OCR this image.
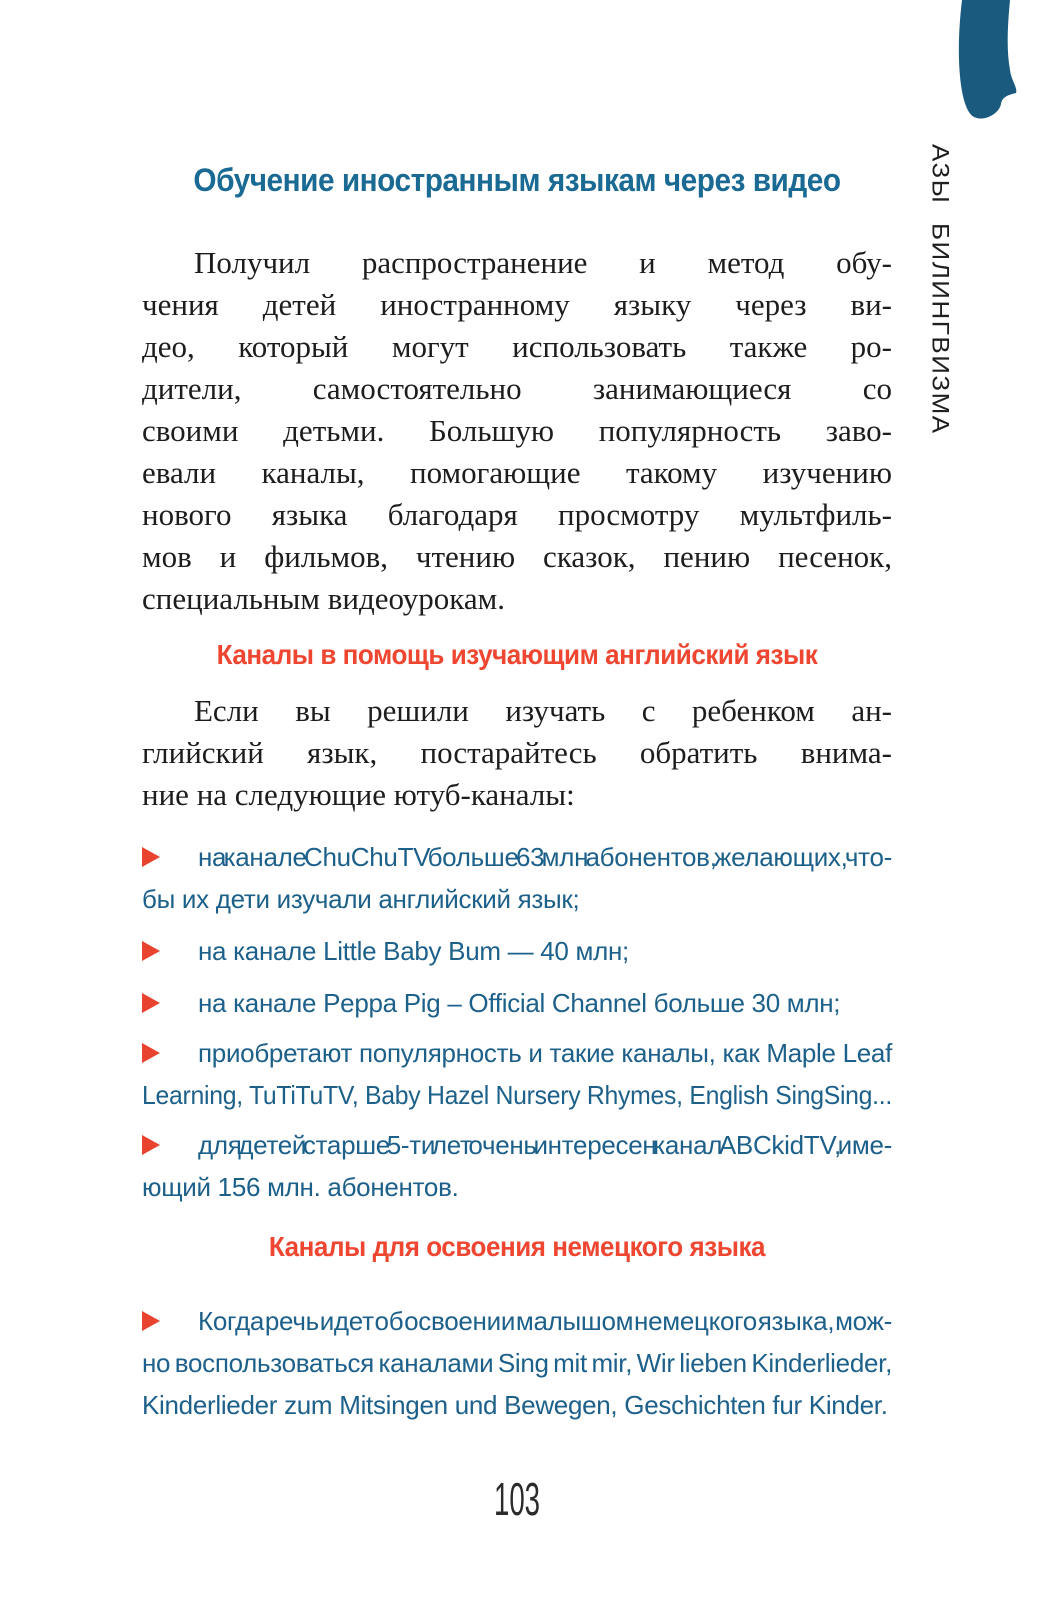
АЗЫ БИЛИНГВИЗМА
Обучение иностранным языкам через видео
Получил распространение и метод обу-
чения детей иностранному языку через ви-
део, который могут использовать также ро-
дители, самостоятельно занимающиеся со
своими детьми. Большую популярность заво-
евали каналы, помогающие такому изучению
нового языка благодаря просмотру мультфиль-
мов и фильмов, чтению сказок, пению песенок,
специальным видеоурокам.
Каналы в помощь изучающим английский язык
Если вы решили изучать с ребенком ан-
глийский язык, постарайтесь обратить внима-
ние на следующие ютуб-каналы:
на канале ChuChuTV больше 63 млн абонентов, желающих, что-
бы их дети изучали английский язык;
на канале Little Baby Bum — 40 млн;
на канале Peppa Pig – Official Channel больше 30 млн;
приобретают популярность и такие каналы, как Maple Leaf
Learning, TuTiTuTV, Baby Hazel Nursery Rhymes, English SingSing...
для детей старше 5-ти лет очень интересен канал ABCkidTV, име-
ющий 156 млн. абонентов.
Каналы для освоения немецкого языка
Когда речь идет об освоении малышом немецкого языка, мож-
но воспользоваться каналами Sing mit mir, Wir lieben Kinderlieder,
Kinderlieder zum Mitsingen und Bewegen, Geschichten fur Kinder.
103
